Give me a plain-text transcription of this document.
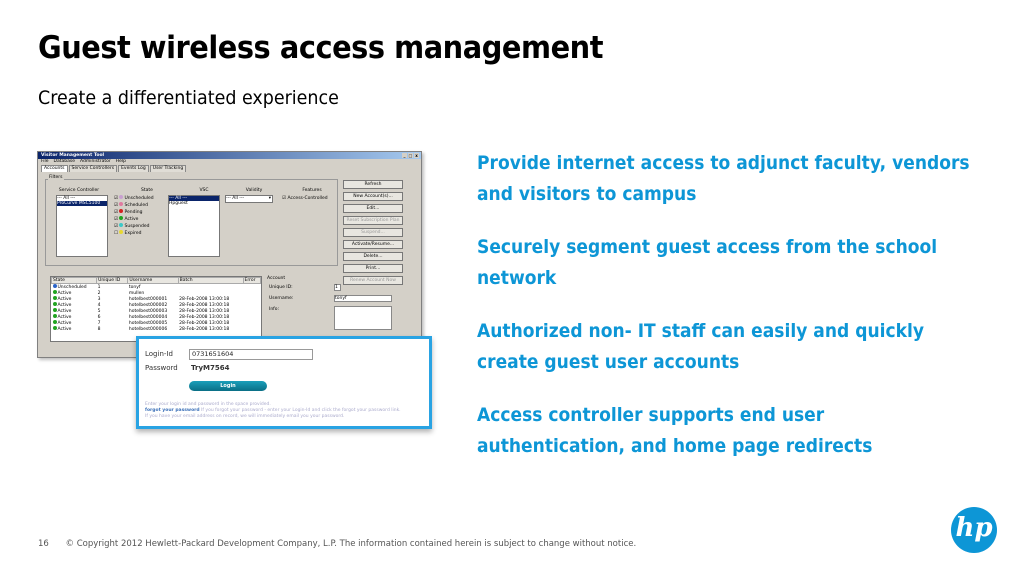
Guest wireless access management
Create a differentiated experience
Visitor Management Tool	_ □ x
File Database Administrator Help
Accounts	Service Controllers	Events Log	User Tracking
Filters
Service Controller
--- All ---
ProCurve MSC5100
State
☑ Unscheduled
☑ Scheduled
☑ Pending
☑ Active
☑ Suspended
☐ Expired
VSC
--- All ---
Hpguest
Validity
--- All ---	▾
Features
☑ Access-Controlled
Refresh
New Account(s)...
Edit...
Reset Subscription Plan
Suspend...
Activate/Resume...
Delete...
Print...
Renew Account Now
State	Unique ID	Username	Batch	Error
Unscheduled	1	tonyf		
Active	2	mullen		
Active	3	hotelbest000001	28-Feb-2008 13:00:18	
Active	4	hotelbest000002	28-Feb-2008 13:00:18	
Active	5	hotelbest000003	28-Feb-2008 13:00:18	
Active	6	hotelbest000004	28-Feb-2008 13:00:18	
Active	7	hotelbest000005	28-Feb-2008 13:00:18	
Active	8	hotelbest000006	28-Feb-2008 13:00:18	
Account
Unique ID:	1
Username:	tonyf
Info:
Login-Id	0731651604
Password TryM7564
Login
Enter your login id and password in the space provided.
forgot your password If you forgot your password - enter your Login-Id and click the forgot your password link.
If you have your email address on record, we will immediately email you your password.
Provide internet access to adjunct faculty, vendors and visitors to campus
Securely segment guest access from the school network
Authorized non- IT staff can easily and quickly create guest user accounts
Access controller supports end user authentication, and home page redirects
16 © Copyright 2012 Hewlett-Packard Development Company, L.P. The information contained herein is subject to change without notice.
hp
